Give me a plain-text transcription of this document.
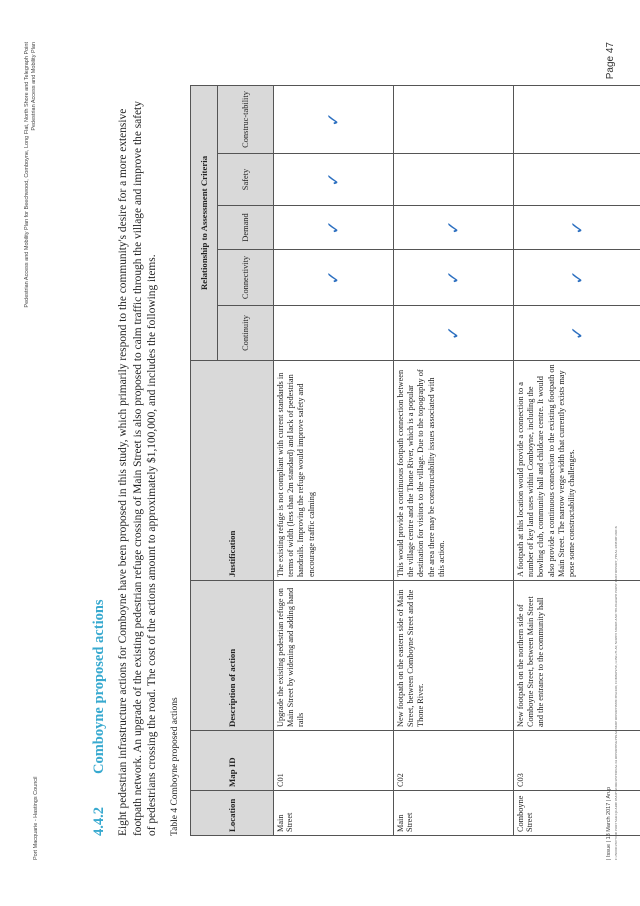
Port Macquarie - Hastings Council
Pedestrian Access and Mobility Plan for Beechwood, Comboyne, Long Flat, North Shore and Telegraph Point Pedestrian Access and Mobility Plan
4.4.2Comboyne proposed actions Eight pedestrian infrastructure actions for Comboyne have been proposed in this study, which primarily respond to the community's desire for a more extensive footpath network. An upgrade of the existing pedestrian refuge crossing of Main Street is also proposed to calm traffic through the village and improve the safety of pedestrians crossing the road. The cost of the actions amount to approximately $1,100,000, and includes the following items. Table 4 Comboyne proposed actions	Location	Map ID	Description of action	Justification	Relationship to Assessment Criteria				
				Continuity	Connectivity	Demand	Safety	Construc-tability
Main Street	C01	Upgrade the existing pedestrian refuge on Main Street by widening and adding hand rails	The existing refuge is not compliant with current standards in terms of width (less than 2m standard) and lack of pedestrian handrails. Improving the refuge would improve safety and encourage traffic calming		✓	✓	✓	✓
Main Street	C02	New footpath on the eastern side of Main Street, between Comboyne Street and the Thone River.	This would provide a continuous footpath connection between the village centre and the Thone River, which is a popular destination for visitors to the village. Due to the topography of the area there may be constructability issues associated with this action.	✓	✓	✓		
Comboyne Street	C03	New footpath on the northern side of Comboyne Street, between Main Street and the entrance to the community hall	A footpath at this location would provide a connection to a number of key land uses within Comboyne, including the bowling club, community hall and childcare centre. It would also provide a continuous connection to the existing footpath on Main Street. The narrow verge width that currently exists may pose some constructability challenges.	✓	✓	✓		
| Issue | 13 March 2017 | Arup J:\250000\250770-00 PORT MACQUARIE PAMP\WORK\INTERNAL\04 REPORTING\FINAL PAMP REPORT\BEECHWOOD, COMBOYNE, LONG FLAT, NORTH SHORE AND TELEGRAPH POINT PAMP REPORT_FINAL REPORT.DOCX
Page 47
